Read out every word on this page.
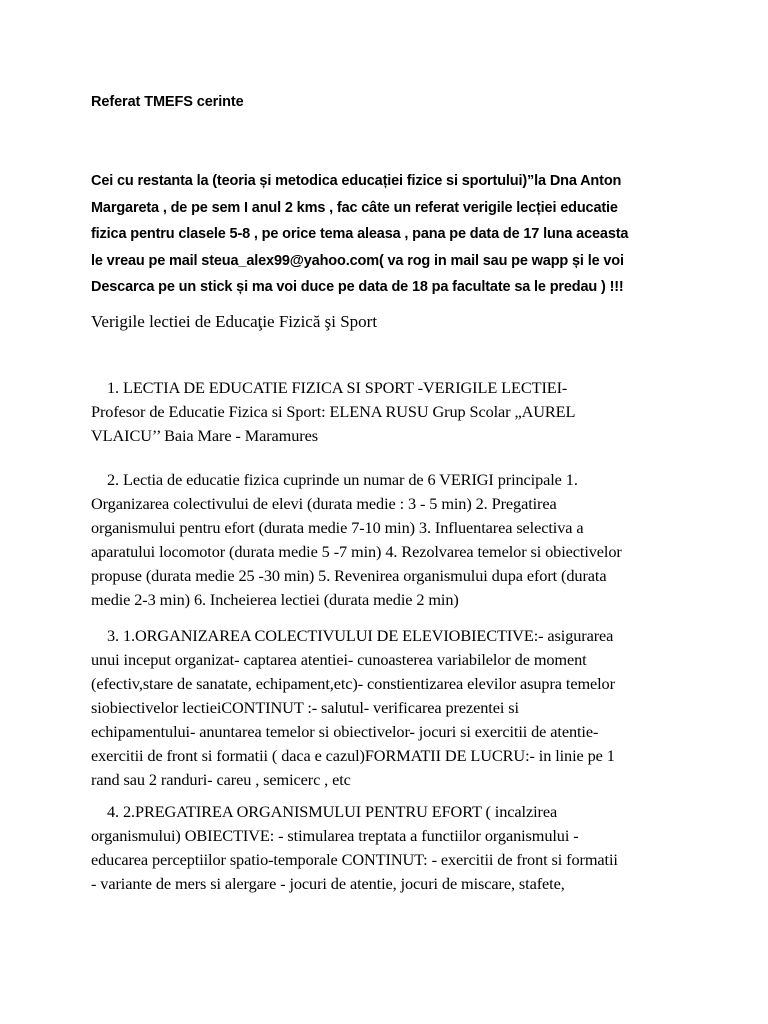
Referat TMEFS cerinte

Cei cu restanta la (teoria și metodica educației fizice si sportului)”la Dna Anton
Margareta , de pe sem I anul 2 kms , fac câte un referat verigile lecției educatie
fizica pentru clasele 5-8 , pe orice tema aleasa , pana pe data de 17 luna aceasta
le vreau pe mail steua_alex99@yahoo.com( va rog in mail sau pe wapp și le voi
Descarca pe un stick și ma voi duce pe data de 18 pa facultate sa le predau ) !!!

Verigile lectiei de Educaţie Fizică şi Sport

1. LECTIA DE EDUCATIE FIZICA SI SPORT -VERIGILE LECTIEI-
Profesor de Educatie Fizica si Sport: ELENA RUSU Grup Scolar „AUREL
VLAICU’’ Baia Mare - Maramures

2. Lectia de educatie fizica cuprinde un numar de 6 VERIGI principale 1.
Organizarea colectivului de elevi (durata medie : 3 - 5 min) 2. Pregatirea
organismului pentru efort (durata medie 7-10 min) 3. Influentarea selectiva a
aparatului locomotor (durata medie 5 -7 min) 4. Rezolvarea temelor si obiectivelor
propuse (durata medie 25 -30 min) 5. Revenirea organismului dupa efort (durata
medie 2-3 min) 6. Incheierea lectiei (durata medie 2 min)

3. 1.ORGANIZAREA COLECTIVULUI DE ELEVIOBIECTIVE:- asigurarea
unui inceput organizat- captarea atentiei- cunoasterea variabilelor de moment
(efectiv,stare de sanatate, echipament,etc)- constientizarea elevilor asupra temelor
siobiectivelor lectieiCONTINUT :- salutul- verificarea prezentei si
echipamentului- anuntarea temelor si obiectivelor- jocuri si exercitii de atentie-
exercitii de front si formatii ( daca e cazul)FORMATII DE LUCRU:- in linie pe 1
rand sau 2 randuri- careu , semicerc , etc

4. 2.PREGATIREA ORGANISMULUI PENTRU EFORT ( incalzirea
organismului) OBIECTIVE: - stimularea treptata a functiilor organismului -
educarea perceptiilor spatio-temporale CONTINUT: - exercitii de front si formatii
- variante de mers si alergare - jocuri de atentie, jocuri de miscare, stafete,
